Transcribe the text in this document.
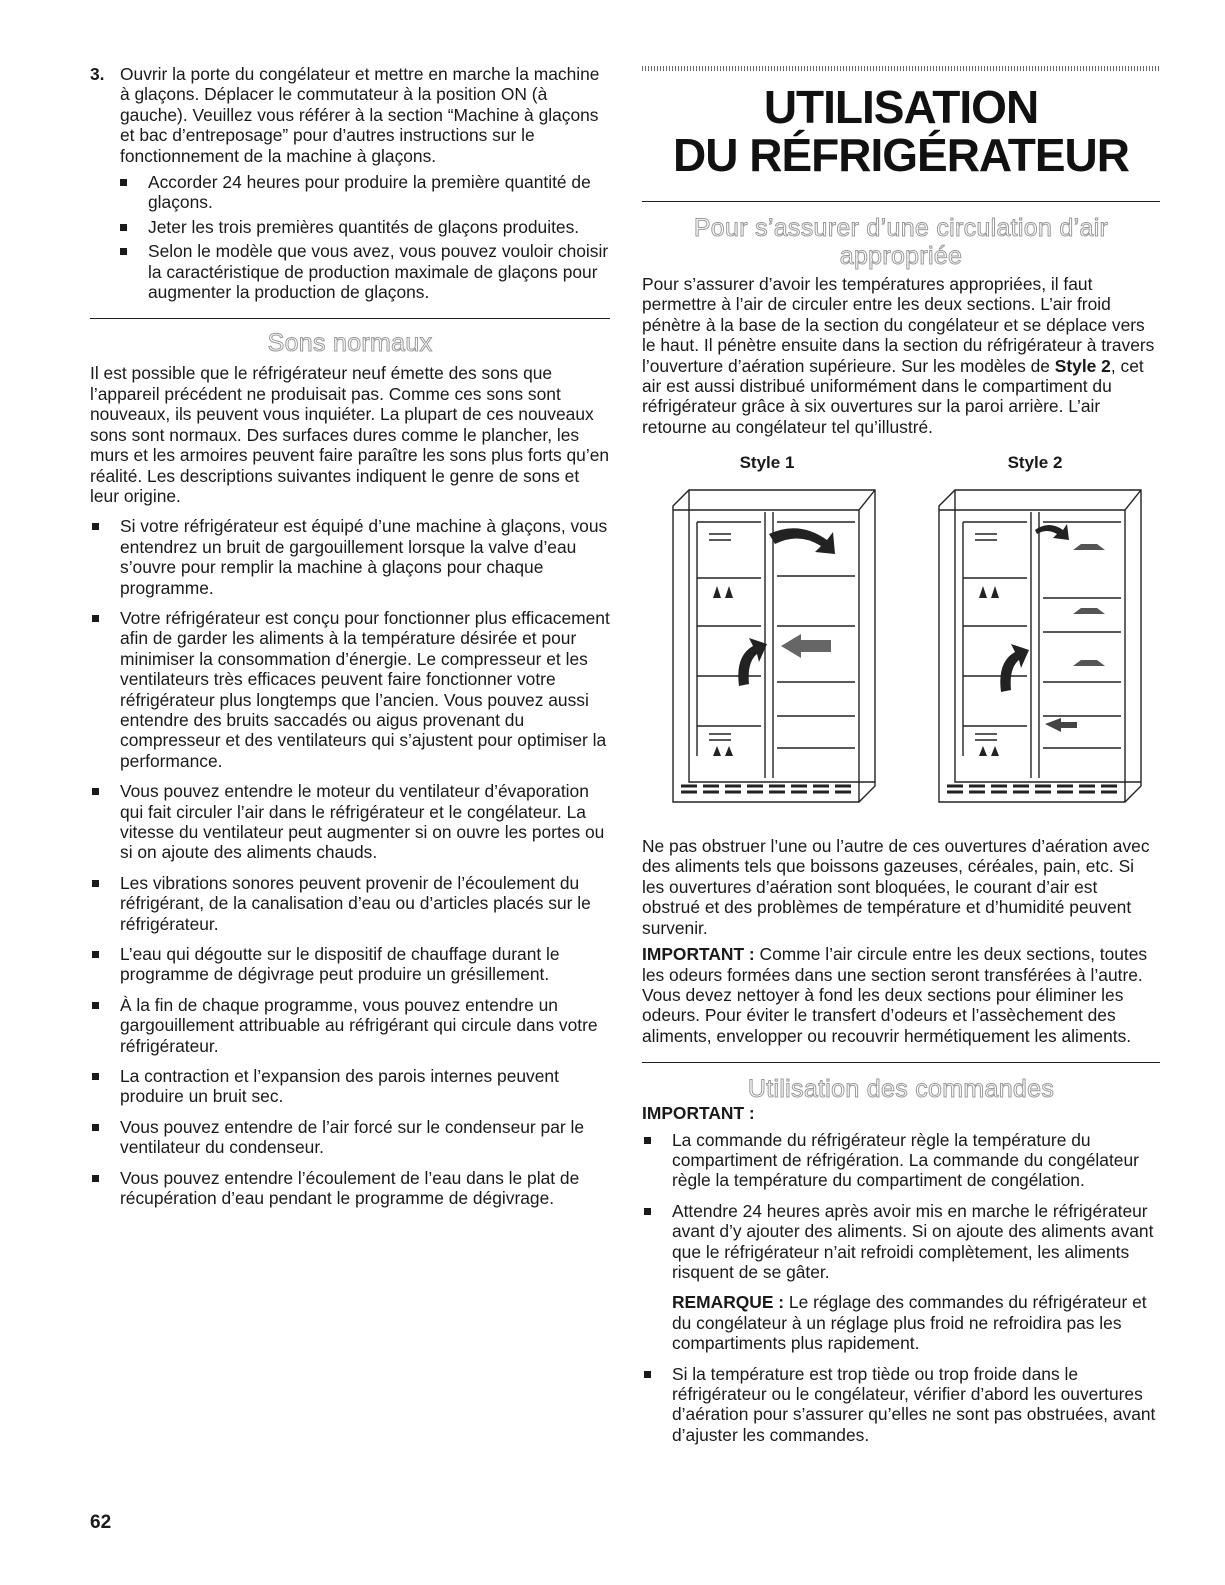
3. Ouvrir la porte du congélateur et mettre en marche la machine à glaçons. Déplacer le commutateur à la position ON (à gauche). Veuillez vous référer à la section “Machine à glaçons et bac d’entreposage” pour d’autres instructions sur le fonctionnement de la machine à glaçons.

Accorder 24 heures pour produire la première quantité de glaçons.
Jeter les trois premières quantités de glaçons produites.
Selon le modèle que vous avez, vous pouvez vouloir choisir la caractéristique de production maximale de glaçons pour augmenter la production de glaçons.
Sons normaux

Il est possible que le réfrigérateur neuf émette des sons que l’appareil précédent ne produisait pas. Comme ces sons sont nouveaux, ils peuvent vous inquiéter. La plupart de ces nouveaux sons sont normaux. Des surfaces dures comme le plancher, les murs et les armoires peuvent faire paraître les sons plus forts qu’en réalité. Les descriptions suivantes indiquent le genre de sons et leur origine.

Si votre réfrigérateur est équipé d’une machine à glaçons, vous entendrez un bruit de gargouillement lorsque la valve d’eau s’ouvre pour remplir la machine à glaçons pour chaque programme.
Votre réfrigérateur est conçu pour fonctionner plus efficacement afin de garder les aliments à la température désirée et pour minimiser la consommation d’énergie. Le compresseur et les ventilateurs très efficaces peuvent faire fonctionner votre réfrigérateur plus longtemps que l’ancien. Vous pouvez aussi entendre des bruits saccadés ou aigus provenant du compresseur et des ventilateurs qui s’ajustent pour optimiser la performance.
Vous pouvez entendre le moteur du ventilateur d’évaporation qui fait circuler l’air dans le réfrigérateur et le congélateur. La vitesse du ventilateur peut augmenter si on ouvre les portes ou si on ajoute des aliments chauds.
Les vibrations sonores peuvent provenir de l’écoulement du réfrigérant, de la canalisation d’eau ou d’articles placés sur le réfrigérateur.
L’eau qui dégoutte sur le dispositif de chauffage durant le programme de dégivrage peut produire un grésillement.
À la fin de chaque programme, vous pouvez entendre un gargouillement attribuable au réfrigérant qui circule dans votre réfrigérateur.
La contraction et l’expansion des parois internes peuvent produire un bruit sec.
Vous pouvez entendre de l’air forcé sur le condenseur par le ventilateur du condenseur.
Vous pouvez entendre l’écoulement de l’eau dans le plat de récupération d’eau pendant le programme de dégivrage.
UTILISATION
DU RÉFRIGÉRATEUR
Pour s’assurer d’une circulation d’air
appropriée

Pour s’assurer d’avoir les températures appropriées, il faut permettre à l’air de circuler entre les deux sections. L’air froid pénètre à la base de la section du congélateur et se déplace vers le haut. Il pénètre ensuite dans la section du réfrigérateur à travers l’ouverture d’aération supérieure. Sur les modèles de Style 2, cet air est aussi distribué uniformément dans le compartiment du réfrigérateur grâce à six ouvertures sur la paroi arrière. L’air retourne au congélateur tel qu’illustré.

Style 1	Style 2

Ne pas obstruer l’une ou l’autre de ces ouvertures d’aération avec des aliments tels que boissons gazeuses, céréales, pain, etc. Si les ouvertures d’aération sont bloquées, le courant d’air est obstrué et des problèmes de température et d’humidité peuvent survenir.

IMPORTANT : Comme l’air circule entre les deux sections, toutes les odeurs formées dans une section seront transférées à l’autre. Vous devez nettoyer à fond les deux sections pour éliminer les odeurs. Pour éviter le transfert d’odeurs et l’assèchement des aliments, envelopper ou recouvrir hermétiquement les aliments.

Utilisation des commandes

IMPORTANT :

La commande du réfrigérateur règle la température du compartiment de réfrigération. La commande du congélateur règle la température du compartiment de congélation.
Attendre 24 heures après avoir mis en marche le réfrigérateur avant d’y ajouter des aliments. Si on ajoute des aliments avant que le réfrigérateur n’ait refroidi complètement, les aliments risquent de se gâter.

REMARQUE : Le réglage des commandes du réfrigérateur et du congélateur à un réglage plus froid ne refroidira pas les compartiments plus rapidement.

Si la température est trop tiède ou trop froide dans le réfrigérateur ou le congélateur, vérifier d’abord les ouvertures d’aération pour s’assurer qu’elles ne sont pas obstruées, avant d’ajuster les commandes.
62
